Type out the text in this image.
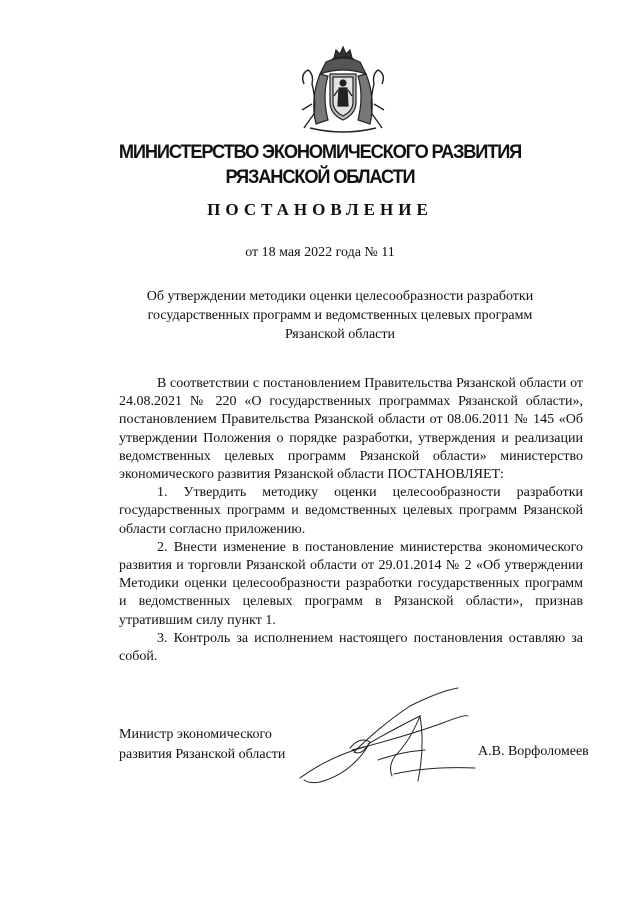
МИНИСТЕРСТВО ЭКОНОМИЧЕСКОГО РАЗВИТИЯ
РЯЗАНСКОЙ ОБЛАСТИ
ПОСТАНОВЛЕНИЕ
от 18 мая 2022 года № 11
Об утверждении методики оценки целесообразности разработки
государственных программ и ведомственных целевых программ
Рязанской области

В соответствии с постановлением Правительства Рязанской области от 24.08.2021 № 220 «О государственных программах Рязанской области», постановлением Правительства Рязанской области от 08.06.2011 № 145 «Об утверждении Положения о порядке разработки, утверждения и реализации ведомственных целевых программ Рязанской области» министерство экономического развития Рязанской области ПОСТАНОВЛЯЕТ:

1. Утвердить методику оценки целесообразности разработки государственных программ и ведомственных целевых программ Рязанской области согласно приложению.

2. Внести изменение в постановление министерства экономического развития и торговли Рязанской области от 29.01.2014 № 2 «Об утверждении Методики оценки целесообразности разработки государственных программ и ведомственных целевых программ в Рязанской области», признав утратившим силу пункт 1.

3. Контроль за исполнением настоящего постановления оставляю за собой.

Министр экономического
развития Рязанской области	А.В. Ворфоломеев
